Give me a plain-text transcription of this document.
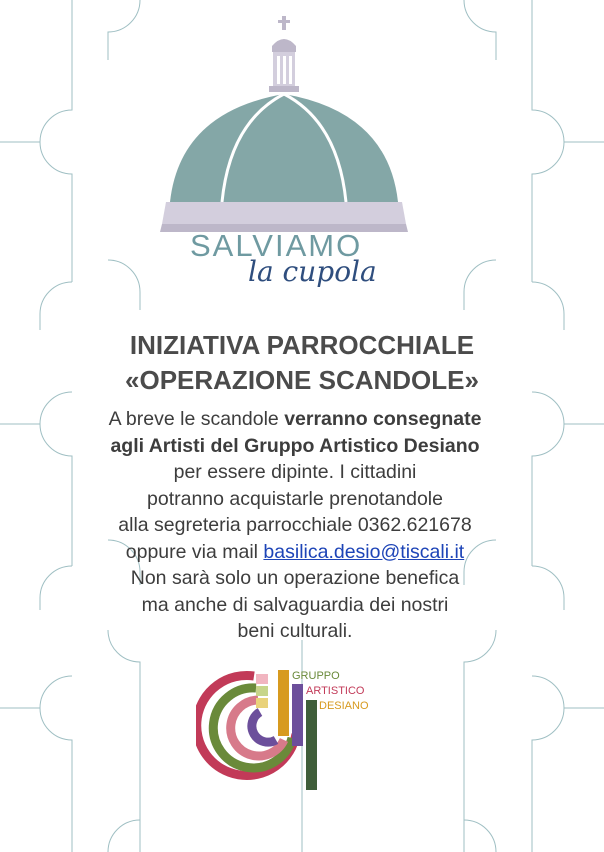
SALVIAMO
la cupola
INIZIATIVA PARROCCHIALE
«OPERAZIONE SCANDOLE»
A breve le scandole verranno consegnate
agli Artisti del Gruppo Artistico Desiano
per essere dipinte. I cittadini
potranno acquistarle prenotandole
alla segreteria parrocchiale 0362.621678
oppure via mail basilica.desio@tiscali.it
Non sarà solo un operazione benefica
ma anche di salvaguardia dei nostri
beni culturali.
GRUPPO
ARTISTICO
DESIANO
